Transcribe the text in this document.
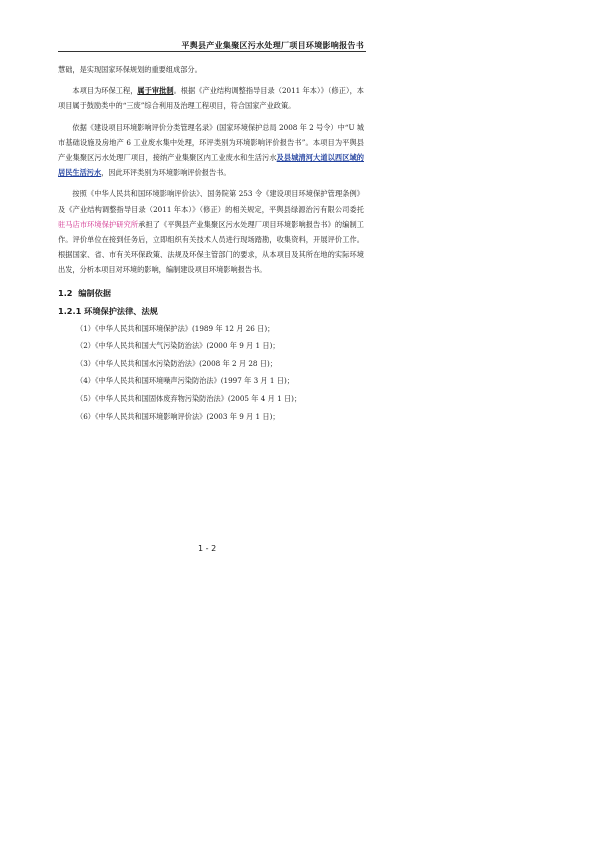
平舆县产业集聚区污水处理厂项目环境影响报告书

慧础，是实现国家环保规划的重要组成部分。

本项目为环保工程，属于审批制。根据《产业结构调整指导目录（2011 年本）》（修正），本项目属于鼓励类中的“三废”综合利用及治理工程项目，符合国家产业政策。

依据《建设项目环境影响评价分类管理名录》(国家环境保护总局 2008 年 2 号令）中“U 城市基础设施及房地产 6 工业废水集中处理，环评类别为环境影响评价报告书”。本项目为平舆县产业集聚区污水处理厂项目，接纳产业集聚区内工业废水和生活污水及县城清河大道以西区域的居民生活污水，因此环评类别为环境影响评价报告书。

按照《中华人民共和国环境影响评价法》、国务院第 253 令《建设项目环境保护管理条例》及《产业结构调整指导目录（2011 年本）》（修正）的相关规定，平舆县绿源治污有限公司委托驻马店市环境保护研究所承担了《平舆县产业集聚区污水处理厂项目环境影响报告书》的编制工作。评价单位在接到任务后，立即组织有关技术人员进行现场踏勘，收集资料，开展评价工作。根据国家、省、市有关环保政策、法规及环保主管部门的要求，从本项目及其所在地的实际环境出发，分析本项目对环境的影响，编制建设项目环境影响报告书。

1.2 编制依据
1.2.1 环境保护法律、法规
（1）《中华人民共和国环境保护法》(1989 年 12 月 26 日)；
（2）《中华人民共和国大气污染防治法》(2000 年 9 月 1 日)；
（3）《中华人民共和国水污染防治法》(2008 年 2 月 28 日)；
（4）《中华人民共和国环境噪声污染防治法》(1997 年 3 月 1 日)；
（5）《中华人民共和国固体废弃物污染防治法》(2005 年 4 月 1 日)；
（6）《中华人民共和国环境影响评价法》(2003 年 9 月 1 日)；
1 - 2
